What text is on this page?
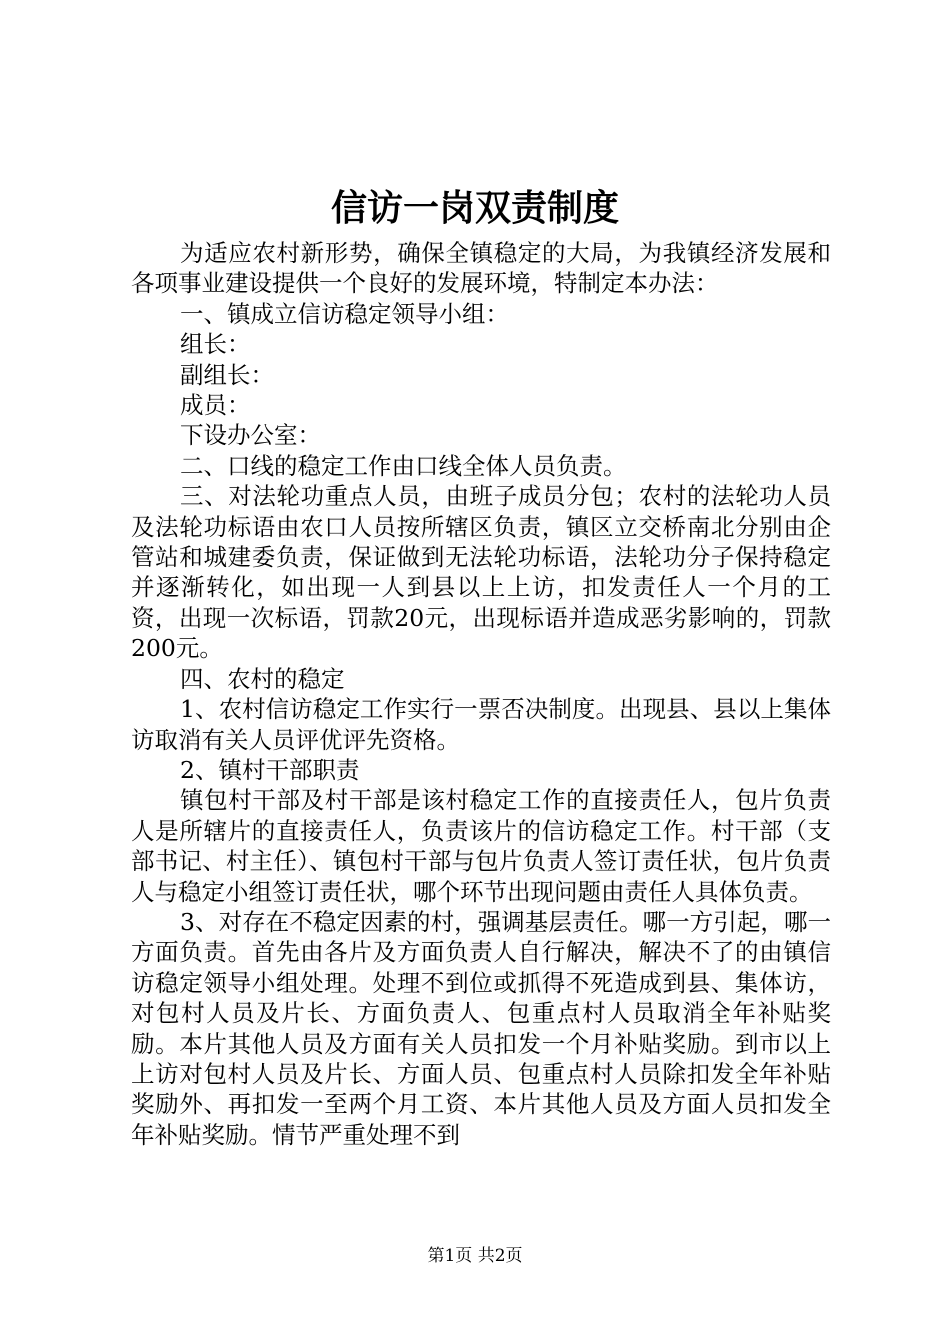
信访一岗双责制度

为适应农村新形势，确保全镇稳定的大局，为我镇经济发展和各项事业建设提供一个良好的发展环境，特制定本办法：

一、镇成立信访稳定领导小组：

组长：

副组长：

成员：

下设办公室：

二、口线的稳定工作由口线全体人员负责。

三、对法轮功重点人员，由班子成员分包；农村的法轮功人员及法轮功标语由农口人员按所辖区负责，镇区立交桥南北分别由企管站和城建委负责，保证做到无法轮功标语，法轮功分子保持稳定并逐渐转化，如出现一人到县以上上访，扣发责任人一个月的工资，出现一次标语，罚款20元，出现标语并造成恶劣影响的，罚款200元。

四、农村的稳定

1、农村信访稳定工作实行一票否决制度。出现县、县以上集体访取消有关人员评优评先资格。

2、镇村干部职责

镇包村干部及村干部是该村稳定工作的直接责任人，包片负责人是所辖片的直接责任人，负责该片的信访稳定工作。村干部（支部书记、村主任）、镇包村干部与包片负责人签订责任状，包片负责人与稳定小组签订责任状，哪个环节出现问题由责任人具体负责。

3、对存在不稳定因素的村，强调基层责任。哪一方引起，哪一方面负责。首先由各片及方面负责人自行解决，解决不了的由镇信访稳定领导小组处理。处理不到位或抓得不死造成到县、集体访，对包村人员及片长、方面负责人、包重点村人员取消全年补贴奖励。本片其他人员及方面有关人员扣发一个月补贴奖励。到市以上上访对包村人员及片长、方面人员、包重点村人员除扣发全年补贴奖励外、再扣发一至两个月工资、本片其他人员及方面人员扣发全年补贴奖励。情节严重处理不到

第1页 共2页
